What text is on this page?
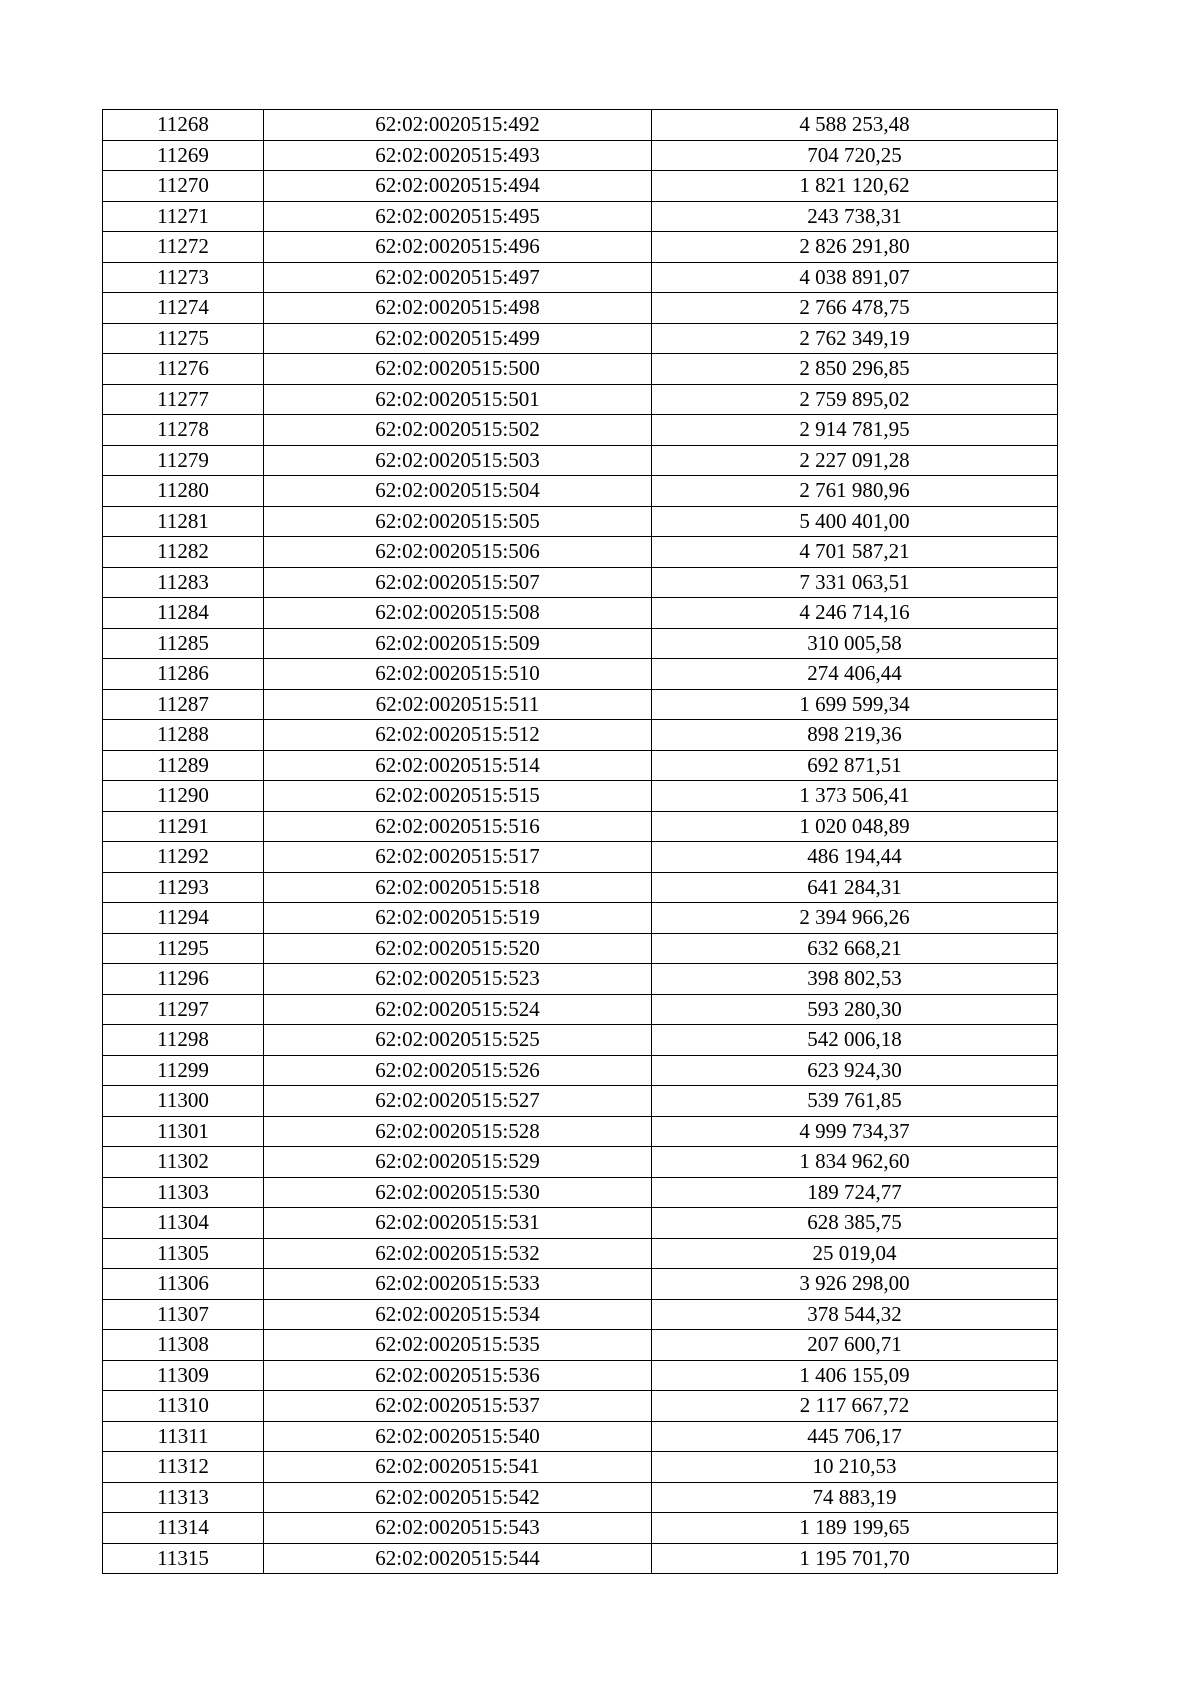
11268	62:02:0020515:492	4 588 253,48
11269	62:02:0020515:493	704 720,25
11270	62:02:0020515:494	1 821 120,62
11271	62:02:0020515:495	243 738,31
11272	62:02:0020515:496	2 826 291,80
11273	62:02:0020515:497	4 038 891,07
11274	62:02:0020515:498	2 766 478,75
11275	62:02:0020515:499	2 762 349,19
11276	62:02:0020515:500	2 850 296,85
11277	62:02:0020515:501	2 759 895,02
11278	62:02:0020515:502	2 914 781,95
11279	62:02:0020515:503	2 227 091,28
11280	62:02:0020515:504	2 761 980,96
11281	62:02:0020515:505	5 400 401,00
11282	62:02:0020515:506	4 701 587,21
11283	62:02:0020515:507	7 331 063,51
11284	62:02:0020515:508	4 246 714,16
11285	62:02:0020515:509	310 005,58
11286	62:02:0020515:510	274 406,44
11287	62:02:0020515:511	1 699 599,34
11288	62:02:0020515:512	898 219,36
11289	62:02:0020515:514	692 871,51
11290	62:02:0020515:515	1 373 506,41
11291	62:02:0020515:516	1 020 048,89
11292	62:02:0020515:517	486 194,44
11293	62:02:0020515:518	641 284,31
11294	62:02:0020515:519	2 394 966,26
11295	62:02:0020515:520	632 668,21
11296	62:02:0020515:523	398 802,53
11297	62:02:0020515:524	593 280,30
11298	62:02:0020515:525	542 006,18
11299	62:02:0020515:526	623 924,30
11300	62:02:0020515:527	539 761,85
11301	62:02:0020515:528	4 999 734,37
11302	62:02:0020515:529	1 834 962,60
11303	62:02:0020515:530	189 724,77
11304	62:02:0020515:531	628 385,75
11305	62:02:0020515:532	25 019,04
11306	62:02:0020515:533	3 926 298,00
11307	62:02:0020515:534	378 544,32
11308	62:02:0020515:535	207 600,71
11309	62:02:0020515:536	1 406 155,09
11310	62:02:0020515:537	2 117 667,72
11311	62:02:0020515:540	445 706,17
11312	62:02:0020515:541	10 210,53
11313	62:02:0020515:542	74 883,19
11314	62:02:0020515:543	1 189 199,65
11315	62:02:0020515:544	1 195 701,70
